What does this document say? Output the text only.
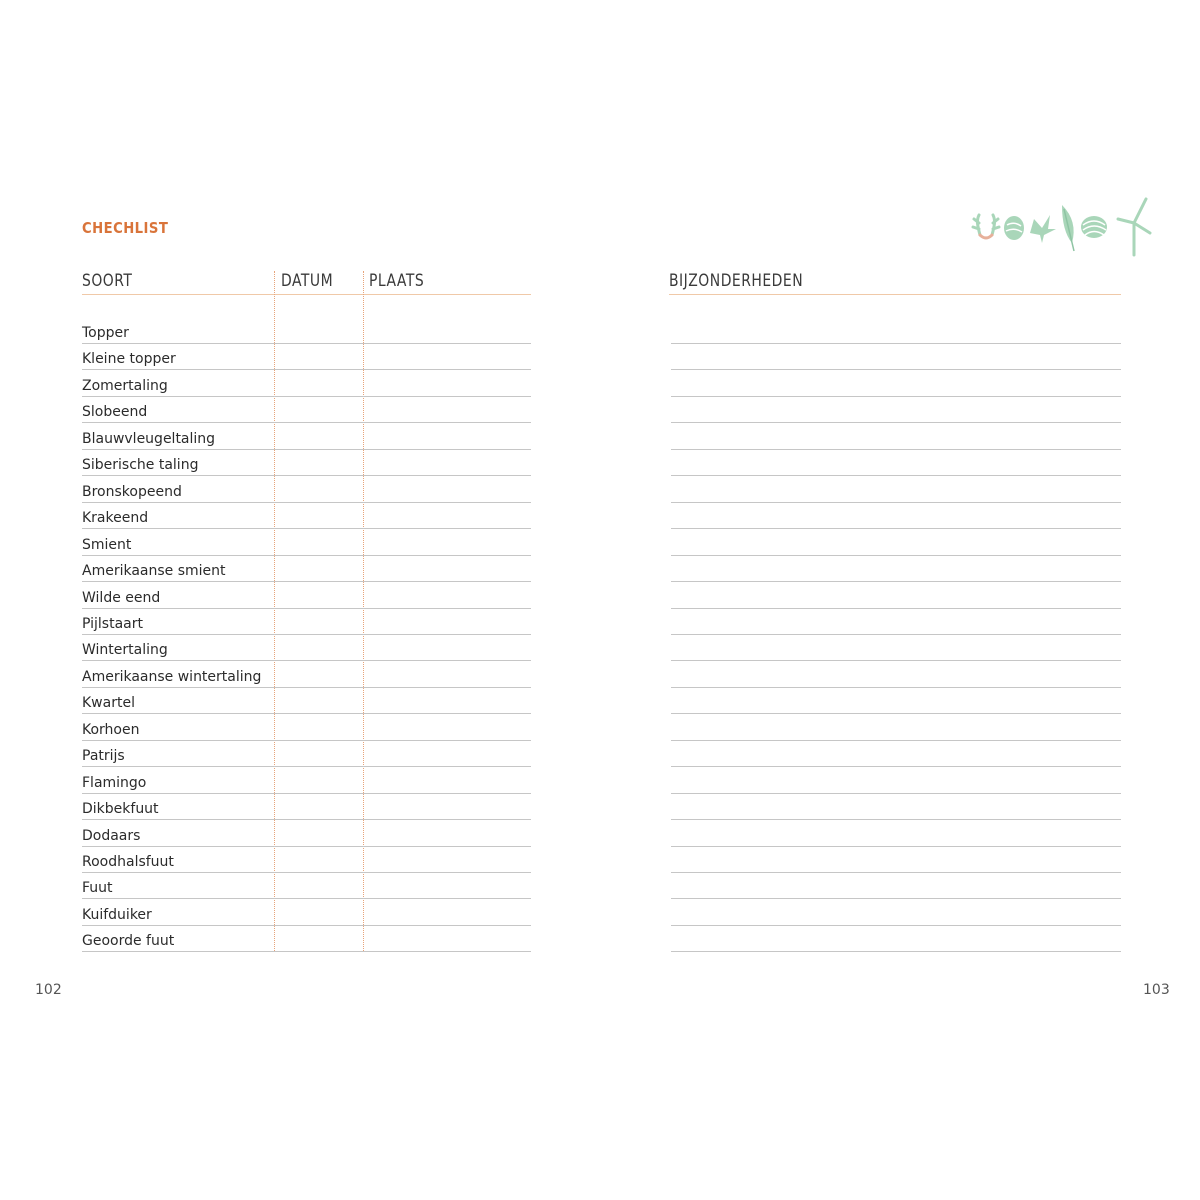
CHECHLIST
SOORT	DATUM PLAATS
Topper
Kleine topper
Zomertaling
Slobeend
Blauwvleugeltaling
Siberische taling
Bronskopeend
Krakeend
Smient
Amerikaanse smient
Wilde eend
Pijlstaart
Wintertaling
Amerikaanse wintertaling
Kwartel
Korhoen
Patrijs
Flamingo
Dikbekfuut
Dodaars
Roodhalsfuut
Fuut
Kuifduiker
Geoorde fuut
102
BIJZONDERHEDEN
103
